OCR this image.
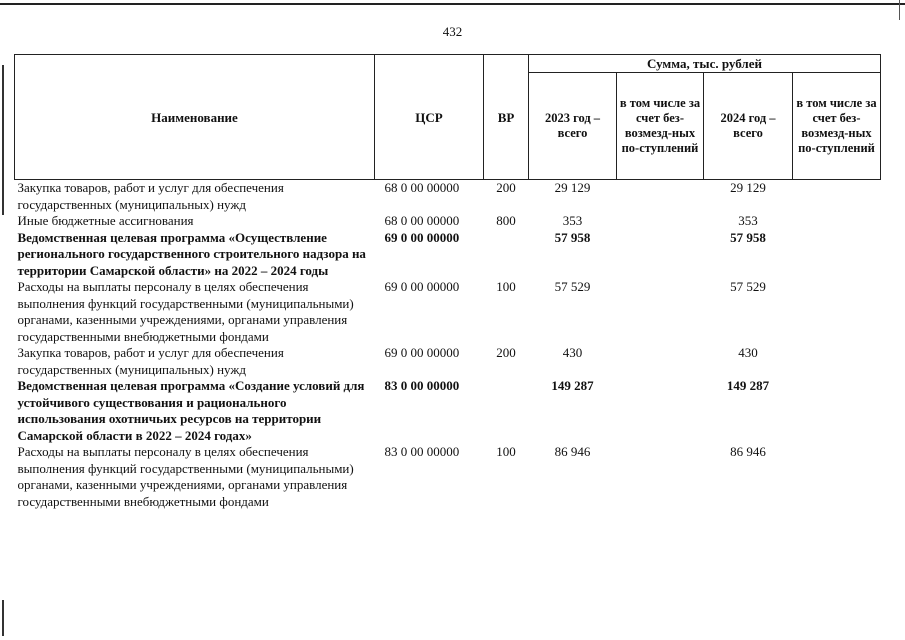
432
Наименование	ЦСР	ВР	Сумма, тыс. рублей			
			2023 год – всего	в том числе за счет без-возмезд-ных по-ступлений	2024 год – всего	в том числе за счет без-возмезд-ных по-ступлений
Закупка товаров, работ и услуг для обеспечения государственных (муниципальных) нужд	68 0 00 00000	200	29 129		29 129	
Иные бюджетные ассигнования	68 0 00 00000	800	353		353	
Ведомственная целевая программа «Осуществление регионального государственного строительного надзора на территории Самарской области» на 2022 – 2024 годы	69 0 00 00000		57 958		57 958	
Расходы на выплаты персоналу в целях обеспечения выполнения функций государственными (муниципальными) органами, казенными учреждениями, органами управления государственными внебюджетными фондами	69 0 00 00000	100	57 529		57 529	
Закупка товаров, работ и услуг для обеспечения государственных (муниципальных) нужд	69 0 00 00000	200	430		430	
Ведомственная целевая программа «Создание условий для устойчивого существования и рационального использования охотничьих ресурсов на территории Самарской области в 2022 – 2024 годах»	83 0 00 00000		149 287		149 287	
Расходы на выплаты персоналу в целях обеспечения выполнения функций государственными (муниципальными) органами, казенными учреждениями, органами управления государственными внебюджетными фондами	83 0 00 00000	100	86 946		86 946	
